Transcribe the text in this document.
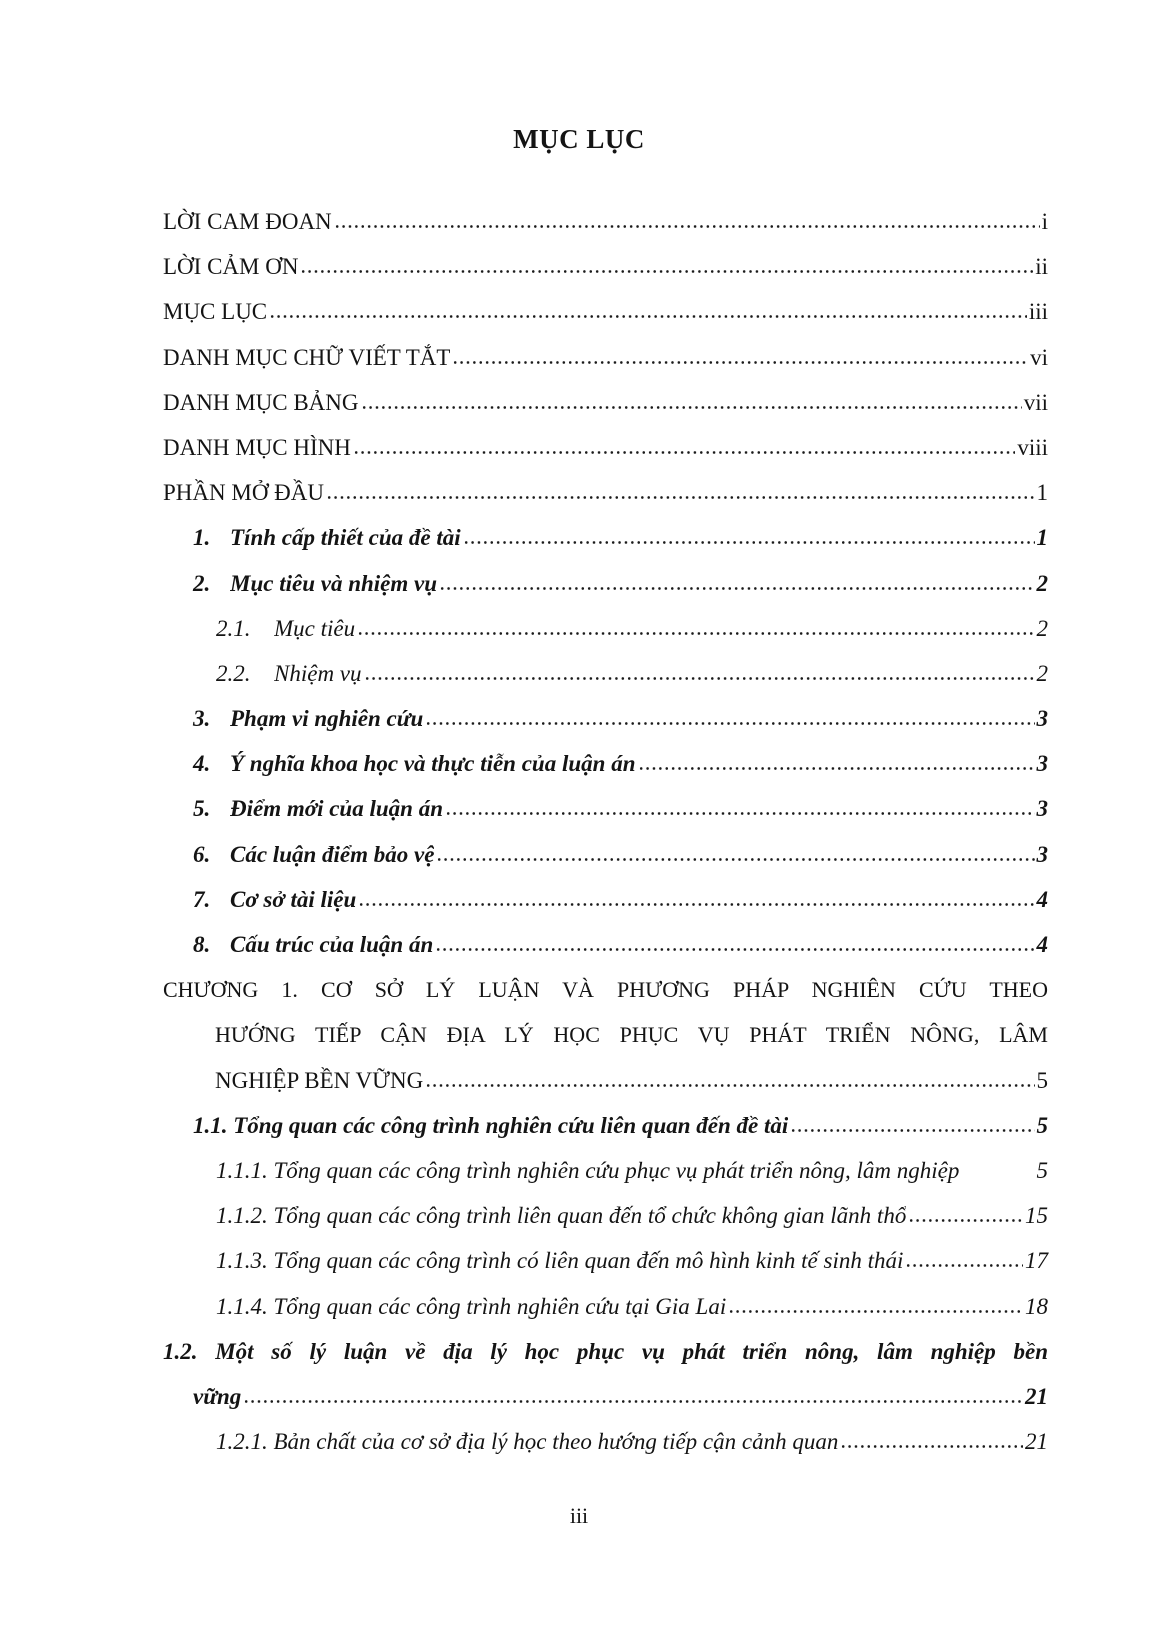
MỤC LỤC
LỜI CAM ĐOAN	i
LỜI CẢM ƠN	ii
MỤC LỤC	iii
DANH MỤC CHỮ VIẾT TẮT	vi
DANH MỤC BẢNG	vii
DANH MỤC HÌNH	viii
PHẦN MỞ ĐẦU	1
1. Tính cấp thiết của đề tài	1
2. Mục tiêu và nhiệm vụ	2
2.1.	Mục tiêu	2
2.2.	Nhiệm vụ	2
3. Phạm vi nghiên cứu	3
4. Ý nghĩa khoa học và thực tiễn của luận án	3
5. Điểm mới của luận án	3
6. Các luận điểm bảo vệ	3
7. Cơ sở tài liệu	4
8. Cấu trúc của luận án	4
CHƯƠNG 1. CƠ SỞ LÝ LUẬN VÀ PHƯƠNG PHÁP NGHIÊN CỨU THEO
HƯỚNG TIẾP CẬN ĐỊA LÝ HỌC PHỤC VỤ PHÁT TRIỂN NÔNG, LÂM
NGHIỆP BỀN VỮNG	5
1.1. Tổng quan các công trình nghiên cứu liên quan đến đề tài	5
1.1.1. Tổng quan các công trình nghiên cứu phục vụ phát triển nông, lâm nghiệp	5
1.1.2. Tổng quan các công trình liên quan đến tổ chức không gian lãnh thổ	15
1.1.3. Tổng quan các công trình có liên quan đến mô hình kinh tế sinh thái	17
1.1.4. Tổng quan các công trình nghiên cứu tại Gia Lai	18
1.2. Một số lý luận về địa lý học phục vụ phát triển nông, lâm nghiệp bền
vững	21
1.2.1. Bản chất của cơ sở địa lý học theo hướng tiếp cận cảnh quan	21
iii
